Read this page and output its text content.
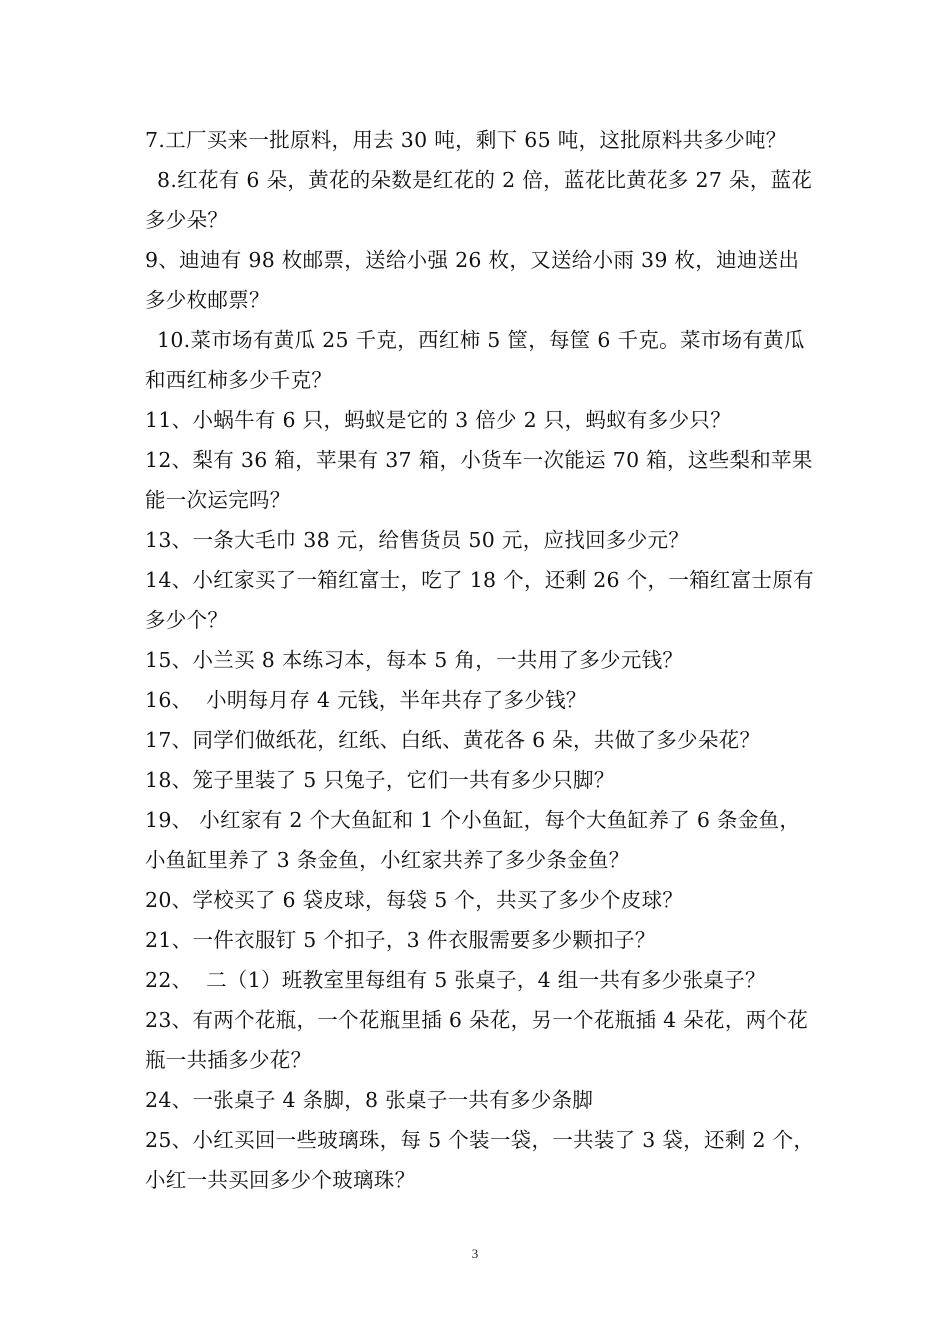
7.工厂买来一批原料，用去 30 吨，剩下 65 吨，这批原料共多少吨？

8.红花有 6 朵，黄花的朵数是红花的 2 倍，蓝花比黄花多 27 朵，蓝花多少朵？

9、迪迪有 98 枚邮票，送给小强 26 枚，又送给小雨 39 枚，迪迪送出多少枚邮票？

10.菜市场有黄瓜 25 千克，西红柿 5 筐，每筐 6 千克。菜市场有黄瓜和西红柿多少千克？

11、小蜗牛有 6 只，蚂蚁是它的 3 倍少 2 只，蚂蚁有多少只？

12、梨有 36 箱，苹果有 37 箱，小货车一次能运 70 箱，这些梨和苹果能一次运完吗？

13、一条大毛巾 38 元，给售货员 50 元，应找回多少元？

14、小红家买了一箱红富士，吃了 18 个，还剩 26 个，一箱红富士原有多少个？

15、小兰买 8 本练习本，每本 5 角，一共用了多少元钱？

16、  小明每月存 4 元钱，半年共存了多少钱？

17、同学们做纸花，红纸、白纸、黄花各 6 朵，共做了多少朵花？

18、笼子里装了 5 只兔子，它们一共有多少只脚？

19、 小红家有 2 个大鱼缸和 1 个小鱼缸，每个大鱼缸养了 6 条金鱼，小鱼缸里养了 3 条金鱼，小红家共养了多少条金鱼？

20、学校买了 6 袋皮球，每袋 5 个，共买了多少个皮球？

21、一件衣服钉 5 个扣子，3 件衣服需要多少颗扣子？

22、  二（1）班教室里每组有 5 张桌子，4 组一共有多少张桌子？

23、有两个花瓶，一个花瓶里插 6 朵花，另一个花瓶插 4 朵花，两个花瓶一共插多少花？

24、一张桌子 4 条脚，8 张桌子一共有多少条脚

25、小红买回一些玻璃珠，每 5 个装一袋，一共装了 3 袋，还剩 2 个，小红一共买回多少个玻璃珠？

3
